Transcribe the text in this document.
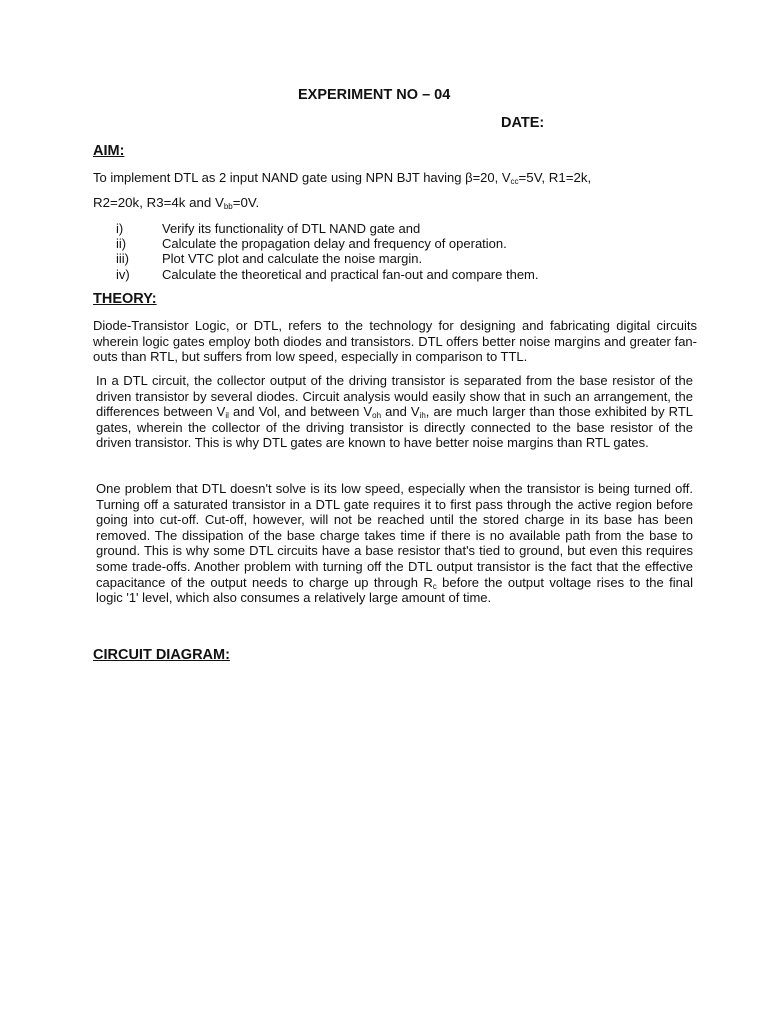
EXPERIMENT NO – 04
DATE:
AIM:
To implement DTL as 2 input NAND gate using NPN BJT having β=20, $V_{cc}=5V$, R1=2k,
R2=20k, R3=4k and $V_{bb}=0V$.
i)	Verify its functionality of DTL NAND gate and
ii)	Calculate the propagation delay and frequency of operation.
iii)	Plot VTC plot and calculate the noise margin.
iv)	Calculate the theoretical and practical fan-out and compare them.
THEORY:
Diode-Transistor Logic, or DTL, refers to the technology for designing and fabricating digital circuits wherein logic gates employ both diodes and transistors. DTL offers better noise margins and greater fan-outs than RTL, but suffers from low speed, especially in comparison to TTL.
In a DTL circuit, the collector output of the driving transistor is separated from the base resistor of the driven transistor by several diodes. Circuit analysis would easily show that in such an arrangement, the differences between $V_{il}$ and Vol, and between $V_{oh}$ and $V_{ih}$, are much larger than those exhibited by RTL gates, wherein the collector of the driving transistor is directly connected to the base resistor of the driven transistor. This is why DTL gates are known to have better noise margins than RTL gates.
One problem that DTL doesn't solve is its low speed, especially when the transistor is being turned off. Turning off a saturated transistor in a DTL gate requires it to first pass through the active region before going into cut-off. Cut-off, however, will not be reached until the stored charge in its base has been removed. The dissipation of the base charge takes time if there is no available path from the base to ground. This is why some DTL circuits have a base resistor that's tied to ground, but even this requires some trade-offs. Another problem with turning off the DTL output transistor is the fact that the effective capacitance of the output needs to charge up through $R_c$ before the output voltage rises to the final logic '1' level, which also consumes a relatively large amount of time.
CIRCUIT DIAGRAM:
